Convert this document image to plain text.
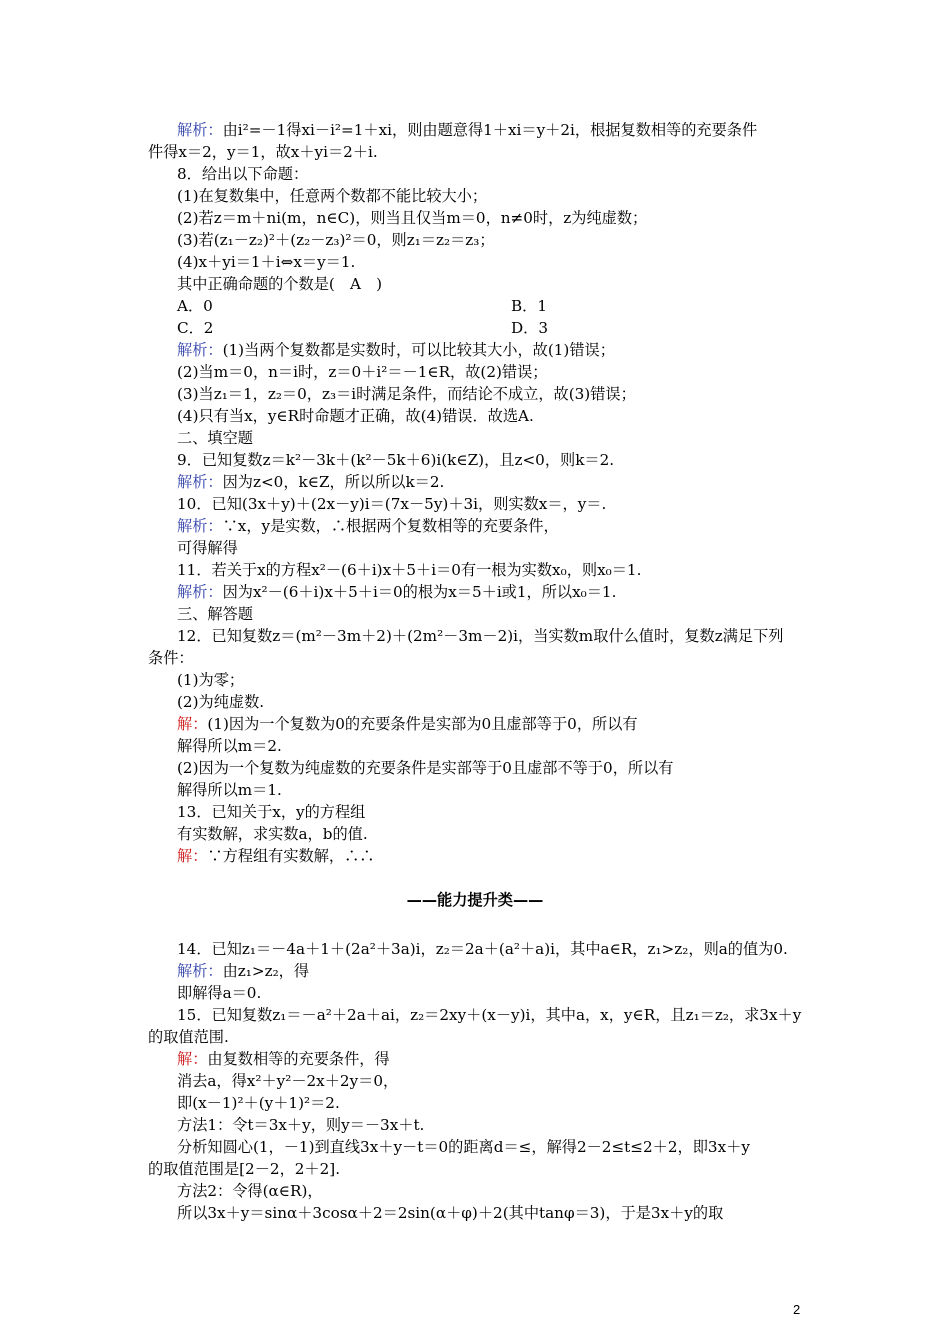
解析：由i²=－1得xi－i²=1＋xi，则由题意得1＋xi＝y＋2i，根据复数相等的充要条件
件得x＝2，y＝1，故x＋yi＝2＋i.
8．给出以下命题：
(1)在复数集中，任意两个数都不能比较大小；
(2)若z＝m＋ni(m，n∈C)，则当且仅当m＝0，n≠0时，z为纯虚数；
(3)若(z₁－z₂)²＋(z₂－z₃)²＝0，则z₁＝z₂＝z₃；
(4)x＋yi＝1＋i⇔x＝y＝1.
其中正确命题的个数是(　A　)
A．0	B．1
C．2	D．3
解析：(1)当两个复数都是实数时，可以比较其大小，故(1)错误；
(2)当m＝0，n＝i时，z＝0＋i²＝－1∈R，故(2)错误；
(3)当z₁＝1，z₂＝0，z₃＝i时满足条件，而结论不成立，故(3)错误；
(4)只有当x，y∈R时命题才正确，故(4)错误．故选A.
二、填空题
9．已知复数z＝k²－3k＋(k²－5k＋6)i(k∈Z)，且z<0，则k＝2.
解析：因为z<0，k∈Z，所以所以k＝2.
10．已知(3x＋y)＋(2x－y)i＝(7x－5y)＋3i，则实数x＝，y＝.
解析：∵x，y是实数，∴根据两个复数相等的充要条件，
可得解得
11．若关于x的方程x²－(6＋i)x＋5＋i＝0有一根为实数x₀，则x₀＝1.
解析：因为x²－(6＋i)x＋5＋i＝0的根为x＝5＋i或1，所以x₀＝1.
三、解答题
12．已知复数z＝(m²－3m＋2)＋(2m²－3m－2)i，当实数m取什么值时，复数z满足下列
条件：
(1)为零；
(2)为纯虚数.
解：(1)因为一个复数为0的充要条件是实部为0且虚部等于0，所以有
解得所以m＝2.
(2)因为一个复数为纯虚数的充要条件是实部等于0且虚部不等于0，所以有
解得所以m＝1.
13．已知关于x，y的方程组
有实数解，求实数a，b的值.
解：∵方程组有实数解，∴∴
——能力提升类——
14．已知z₁＝－4a＋1＋(2a²＋3a)i，z₂＝2a＋(a²＋a)i，其中a∈R，z₁>z₂，则a的值为0.
解析：由z₁>z₂，得
即解得a＝0.
15．已知复数z₁＝－a²＋2a＋ai，z₂＝2xy＋(x－y)i，其中a，x，y∈R，且z₁＝z₂，求3x＋y
的取值范围.
解：由复数相等的充要条件，得
消去a，得x²＋y²－2x＋2y＝0，
即(x－1)²＋(y＋1)²＝2.
方法1：令t＝3x＋y，则y＝－3x＋t.
分析知圆心(1，－1)到直线3x＋y－t＝0的距离d＝≤，解得2－2≤t≤2＋2，即3x＋y
的取值范围是[2－2，2＋2].
方法2：令得(α∈R)，
所以3x＋y＝sinα＋3cosα＋2＝2sin(α＋φ)＋2(其中tanφ＝3)，于是3x＋y的取
2
